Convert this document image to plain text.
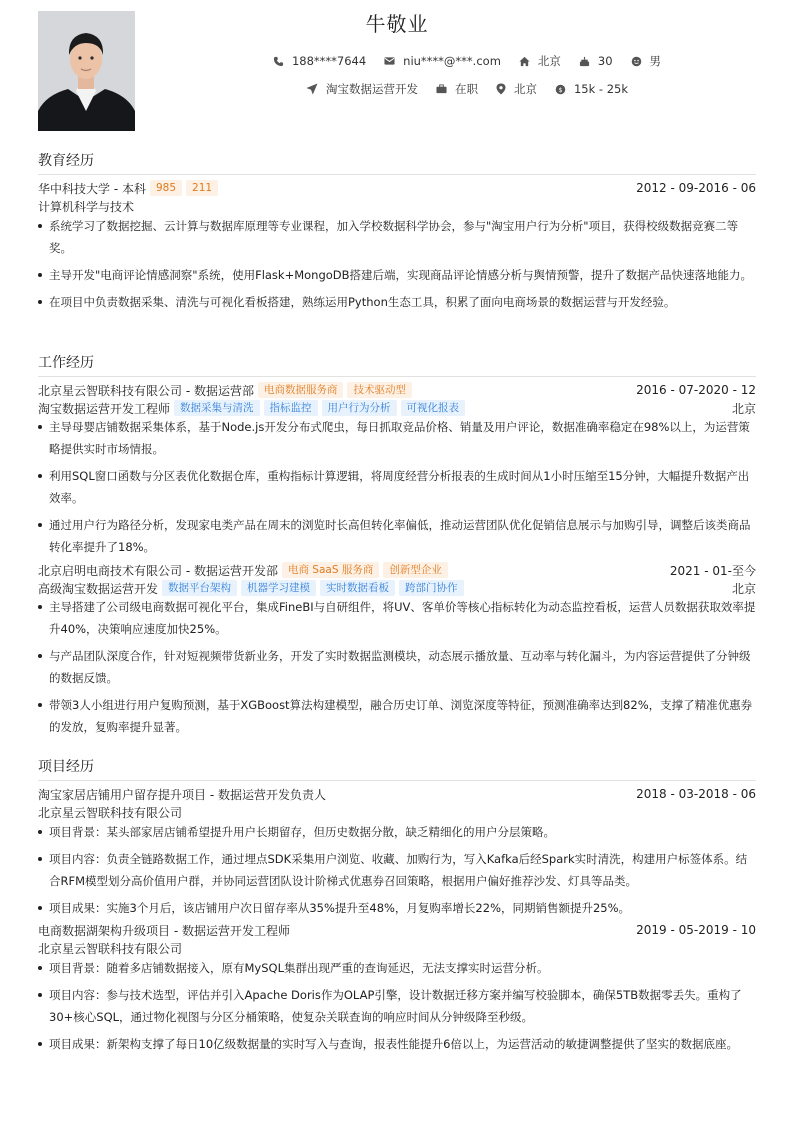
牛敬业
188****7644	niu****@***.com	北京	30	男
淘宝数据运营开发	在职	北京	$ 15k - 25k
教育经历
华中科技大学 - 本科 985	211	2012 - 09-2016 - 06
计算机科学与技术
系统学习了数据挖掘、云计算与数据库原理等专业课程，加入学校数据科学协会，参与"淘宝用户行为分析"项目，获得校级数据竞赛二等奖。
主导开发"电商评论情感洞察"系统，使用Flask+MongoDB搭建后端，实现商品评论情感分析与舆情预警，提升了数据产品快速落地能力。
在项目中负责数据采集、清洗与可视化看板搭建，熟练运用Python生态工具，积累了面向电商场景的数据运营与开发经验。
工作经历
北京星云智联科技有限公司 - 数据运营部 电商数据服务商	技术驱动型	2016 - 07-2020 - 12
淘宝数据运营开发工程师 数据采集与清洗	指标监控	用户行为分析	可视化报表	北京
主导母婴店铺数据采集体系，基于Node.js开发分布式爬虫，每日抓取竞品价格、销量及用户评论，数据准确率稳定在98%以上，为运营策略提供实时市场情报。
利用SQL窗口函数与分区表优化数据仓库，重构指标计算逻辑，将周度经营分析报表的生成时间从1小时压缩至15分钟，大幅提升数据产出效率。
通过用户行为路径分析，发现家电类产品在周末的浏览时长高但转化率偏低，推动运营团队优化促销信息展示与加购引导，调整后该类商品转化率提升了18%。
北京启明电商技术有限公司 - 数据运营开发部 电商 SaaS 服务商	创新型企业	2021 - 01-至今
高级淘宝数据运营开发 数据平台架构	机器学习建模	实时数据看板	跨部门协作	北京
主导搭建了公司级电商数据可视化平台，集成FineBI与自研组件，将UV、客单价等核心指标转化为动态监控看板，运营人员数据获取效率提升40%，决策响应速度加快25%。
与产品团队深度合作，针对短视频带货新业务，开发了实时数据监测模块，动态展示播放量、互动率与转化漏斗，为内容运营提供了分钟级的数据反馈。
带领3人小组进行用户复购预测，基于XGBoost算法构建模型，融合历史订单、浏览深度等特征，预测准确率达到82%，支撑了精准优惠券的发放，复购率提升显著。
项目经历
淘宝家居店铺用户留存提升项目 - 数据运营开发负责人	2018 - 03-2018 - 06
北京星云智联科技有限公司
项目背景：某头部家居店铺希望提升用户长期留存，但历史数据分散，缺乏精细化的用户分层策略。
项目内容：负责全链路数据工作，通过埋点SDK采集用户浏览、收藏、加购行为，写入Kafka后经Spark实时清洗，构建用户标签体系。结合RFM模型划分高价值用户群，并协同运营团队设计阶梯式优惠券召回策略，根据用户偏好推荐沙发、灯具等品类。
项目成果：实施3个月后，该店铺用户次日留存率从35%提升至48%，月复购率增长22%，同期销售额提升25%。
电商数据湖架构升级项目 - 数据运营开发工程师	2019 - 05-2019 - 10
北京星云智联科技有限公司
项目背景：随着多店铺数据接入，原有MySQL集群出现严重的查询延迟，无法支撑实时运营分析。
项目内容：参与技术选型，评估并引入Apache Doris作为OLAP引擎，设计数据迁移方案并编写校验脚本，确保5TB数据零丢失。重构了30+核心SQL，通过物化视图与分区分桶策略，使复杂关联查询的响应时间从分钟级降至秒级。
项目成果：新架构支撑了每日10亿级数据量的实时写入与查询，报表性能提升6倍以上，为运营活动的敏捷调整提供了坚实的数据底座。
